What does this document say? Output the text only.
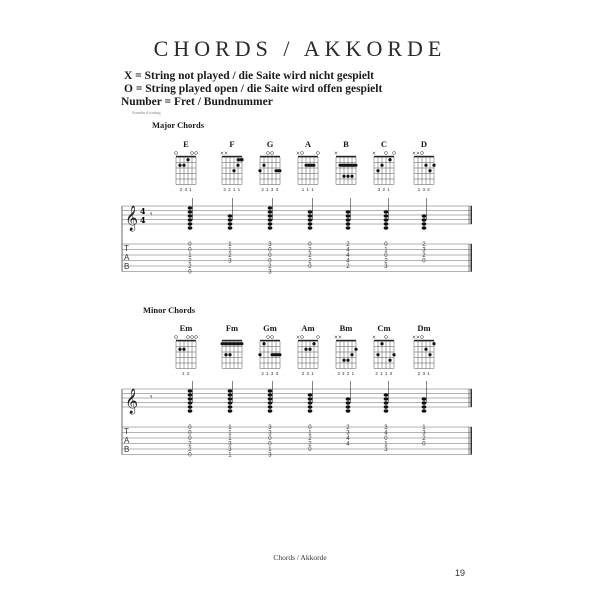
CHORDS / AKKORDE
X = String not played / die Saite wird nicht gespielt
O = String played open / die Saite wird offen gespielt
Number = Fret / Bundnummer
Standard tuning
Major Chords
Minor Chords
E
2 3 1
F
3 2 1 1
G
2 1 3 3
A
1 1 1
B	C
3 2 1
D
1 3 2
Em
1 2
Fm	Gm
2 1 3 3
Am
2 3 1
Bm
3 4 2 1
Cm
2 1 1 3
Dm
2 3 1
𝄞 4
4 𝄾
T
A
B
0
0
1
2
2
0
1
1
2
3
3
0
0
0
2
3
0
2
2
2
0
2
4
4
4
2
0
1
0
2
3
2
3
2
0
𝄞 𝄾
T
A
B
0
0
0
2
2
0
1
1
1
3
3
1
3
3
0
0
1
3
0
1
2
2
0
2
3
4
4
3
4
0
1
3
1
3
2
0
Chords / Akkorde
19
